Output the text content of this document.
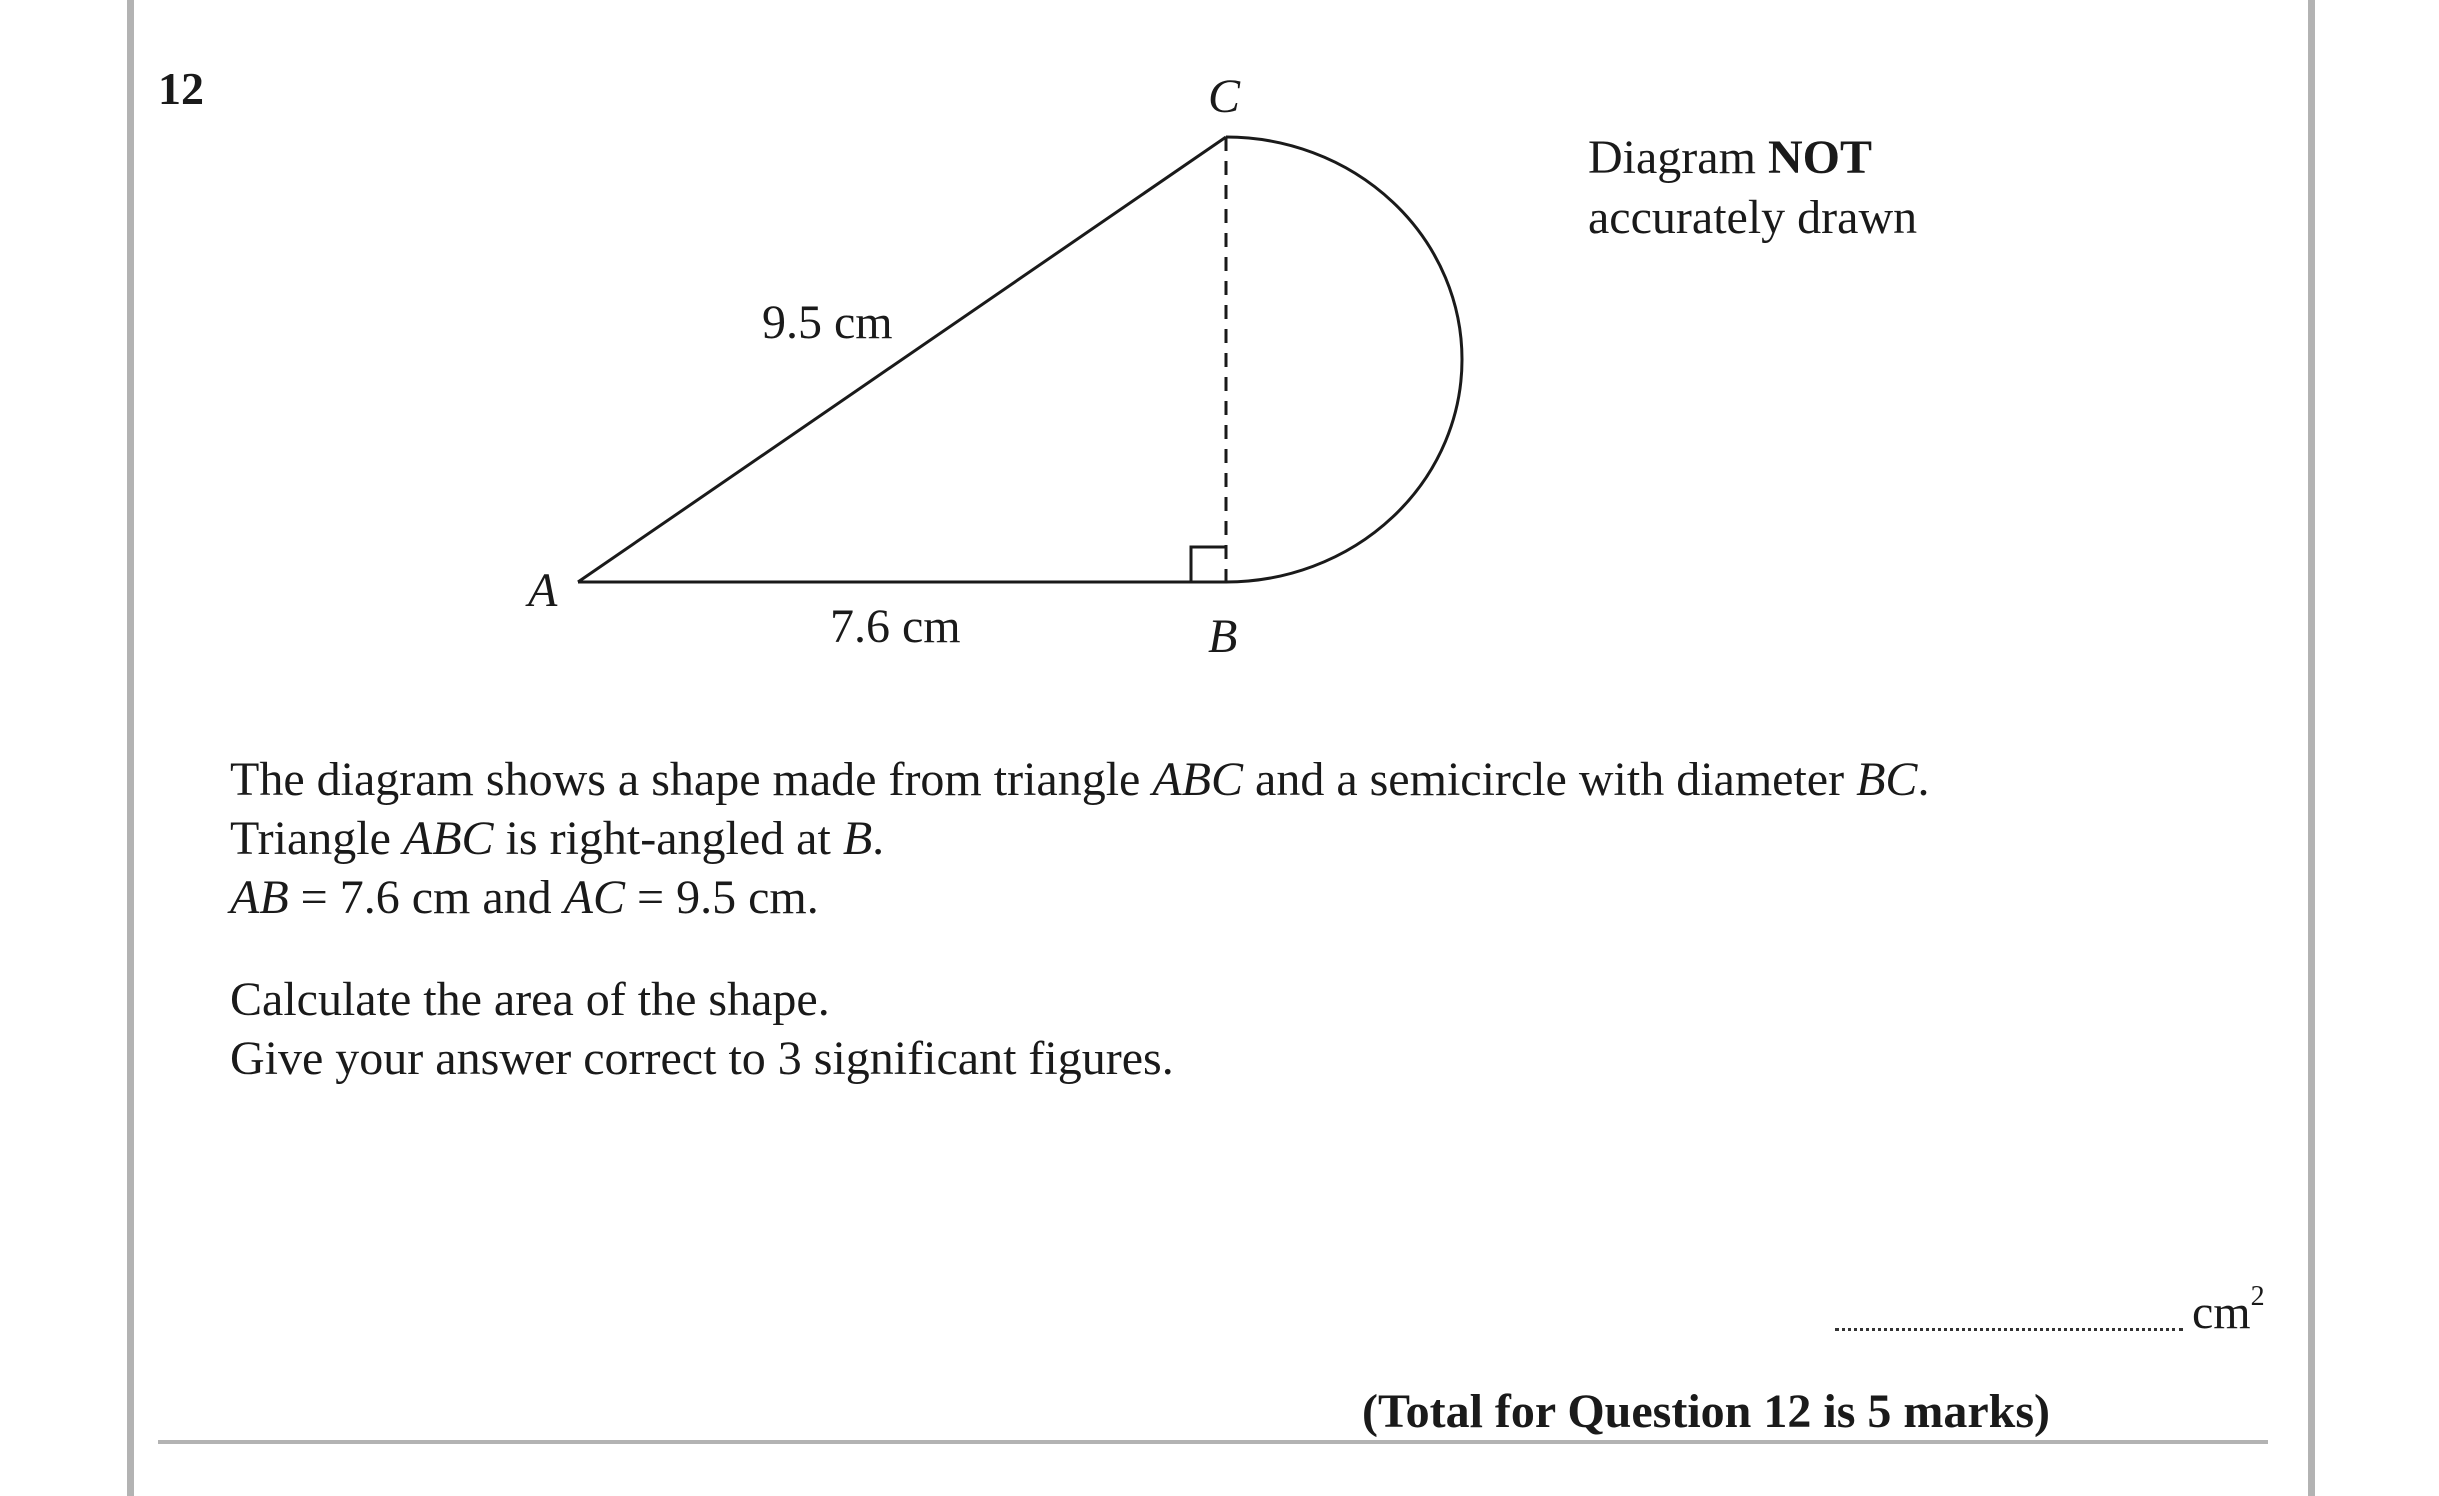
12	C
A
B
9.5 cm
7.6 cm
Diagram NOT
accurately drawn
The diagram shows a shape made from triangle ABC and a semicircle with diameter BC.
Triangle ABC is right-angled at B.
AB = 7.6 cm and AC = 9.5 cm.
Calculate the area of the shape.
Give your answer correct to 3 significant figures.
$cm^2$
(Total for Question 12 is 5 marks)
